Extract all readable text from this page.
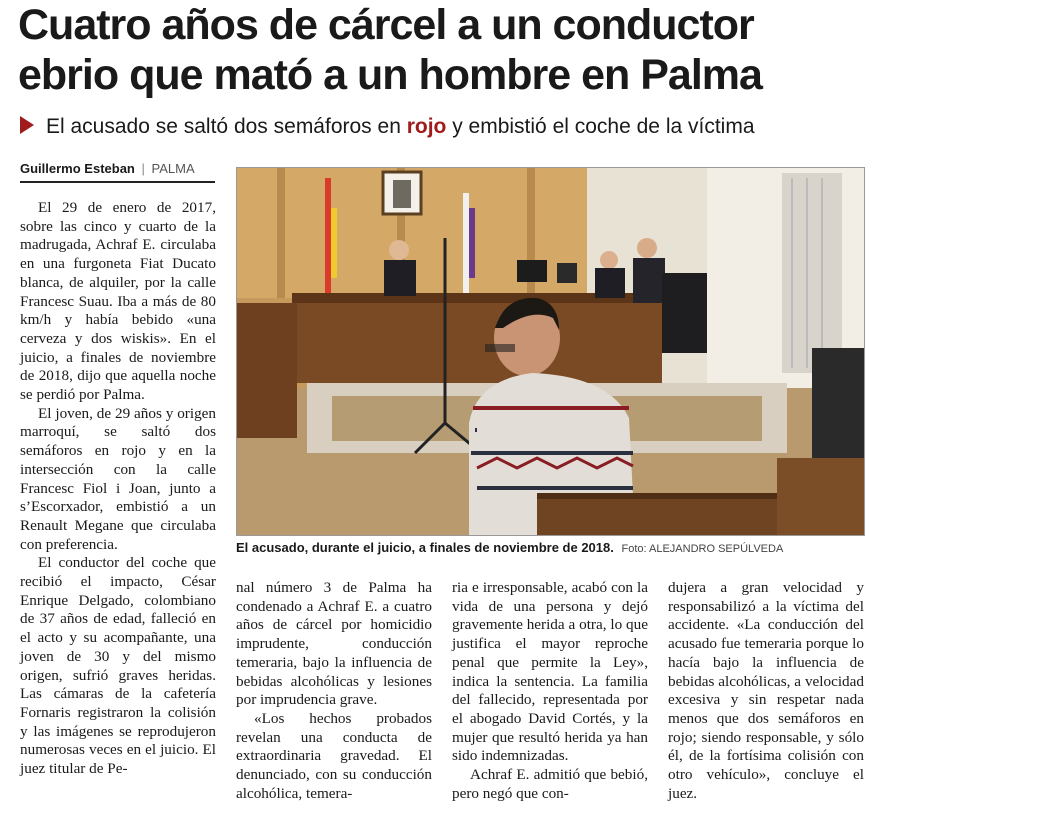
Cuatro años de cárcel a un conductor
ebrio que mató a un hombre en Palma
El acusado se saltó dos semáforos en rojo y embistió el coche de la víctima
Guillermo Esteban | PALMA

El 29 de enero de 2017, sobre las cinco y cuarto de la madrugada, Achraf E. circulaba en una furgoneta Fiat Ducato blanca, de alquiler, por la calle Francesc Suau. Iba a más de 80 km/h y había bebido «una cerveza y dos wiskis». En el juicio, a finales de noviembre de 2018, dijo que aquella noche se perdió por Palma.

El joven, de 29 años y origen marroquí, se saltó dos semáforos en rojo y en la intersección con la calle Francesc Fiol i Joan, junto a s’Escorxador, embistió a un Renault Megane que circulaba con preferencia.

El conductor del coche que recibió el impacto, César Enrique Delgado, colombiano de 37 años de edad, falleció en el acto y su acompañante, una joven de 30 y del mismo origen, sufrió graves heridas. Las cámaras de la cafetería Fornaris registraron la colisión y las imágenes se reprodujeron numerosas veces en el juicio. El juez titular de Pe-

El acusado, durante el juicio, a finales de noviembre de 2018. Foto: ALEJANDRO SEPÚLVEDA

nal número 3 de Palma ha condenado a Achraf E. a cuatro años de cárcel por homicidio imprudente, conducción temeraria, bajo la influencia de bebidas alcohólicas y lesiones por imprudencia grave.

«Los hechos probados revelan una conducta de extraordinaria gravedad. El denunciado, con su conducción alcohólica, temera-

ria e irresponsable, acabó con la vida de una persona y dejó gravemente herida a otra, lo que justifica el mayor reproche penal que permite la Ley», indica la sentencia. La familia del fallecido, representada por el abogado David Cortés, y la mujer que resultó herida ya han sido indemnizadas.

Achraf E. admitió que bebió, pero negó que con-

dujera a gran velocidad y responsabilizó a la víctima del accidente. «La conducción del acusado fue temeraria porque lo hacía bajo la influencia de bebidas alcohólicas, a velocidad excesiva y sin respetar nada menos que dos semáforos en rojo; siendo responsable, y sólo él, de la fortísima colisión con otro vehículo», concluye el juez.
